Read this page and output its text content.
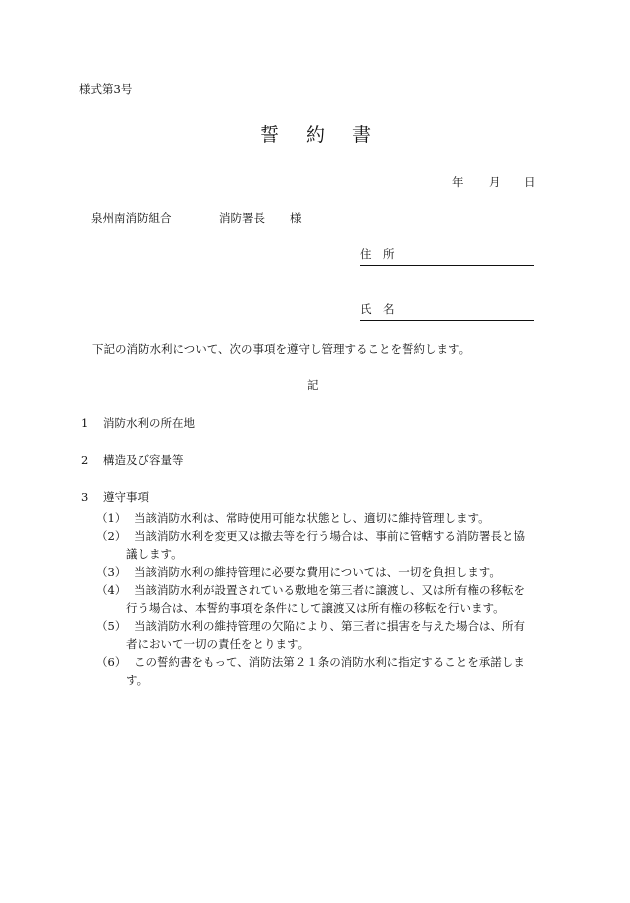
様式第3号
誓約書
年 月 日
泉州南消防組合	消防署長 様
住　所
氏　名
下記の消防水利について、次の事項を遵守し管理することを誓約します。
記
1 消防水利の所在地
2 構造及び容量等
3 遵守事項
（1） 当該消防水利は、常時使用可能な状態とし、適切に維持管理します。
（2） 当該消防水利を変更又は撤去等を行う場合は、事前に管轄する消防署長と協議します。
（3） 当該消防水利の維持管理に必要な費用については、一切を負担します。
（4） 当該消防水利が設置されている敷地を第三者に譲渡し、又は所有権の移転を行う場合は、本誓約事項を条件にして譲渡又は所有権の移転を行います。
（5） 当該消防水利の維持管理の欠陥により、第三者に損害を与えた場合は、所有者において一切の責任をとります。
（6） この誓約書をもって、消防法第２１条の消防水利に指定することを承諾します。
